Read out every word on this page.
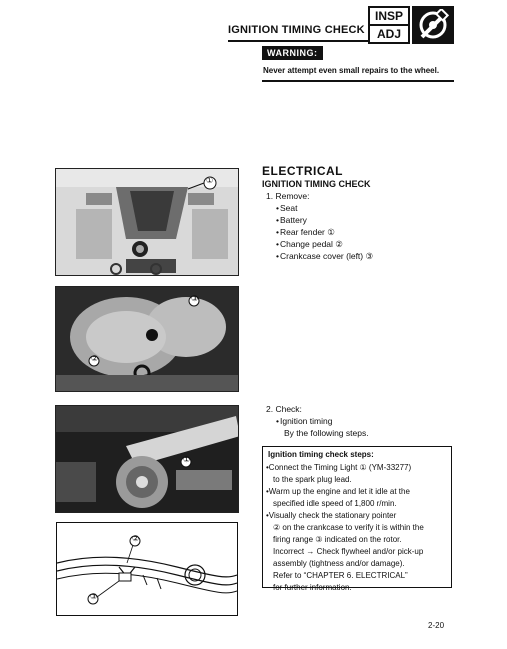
IGNITION TIMING CHECK
INSP
ADJ
WARNING:
Never attempt even small repairs to the wheel.
ELECTRICAL
IGNITION TIMING CHECK
1. Remove:
• Seat
• Battery
• Rear fender ①
• Change pedal ②
• Crankcase cover (left) ③
2. Check:
• Ignition timing
By the following steps.
Ignition timing check steps:
•Connect the Timing Light ① (YM-33277)
to the spark plug lead.
•Warm up the engine and let it idle at the
specified idle speed of 1,800 r/min.
•Visually check the stationary pointer
② on the crankcase to verify it is within the
firing range ③ indicated on the rotor.
Incorrect → Check flywheel and/or pick-up
assembly (tightness and/or damage).
Refer to “CHAPTER 6. ELECTRICAL”
for further information.
①
②
③
①
②
③
2-20
